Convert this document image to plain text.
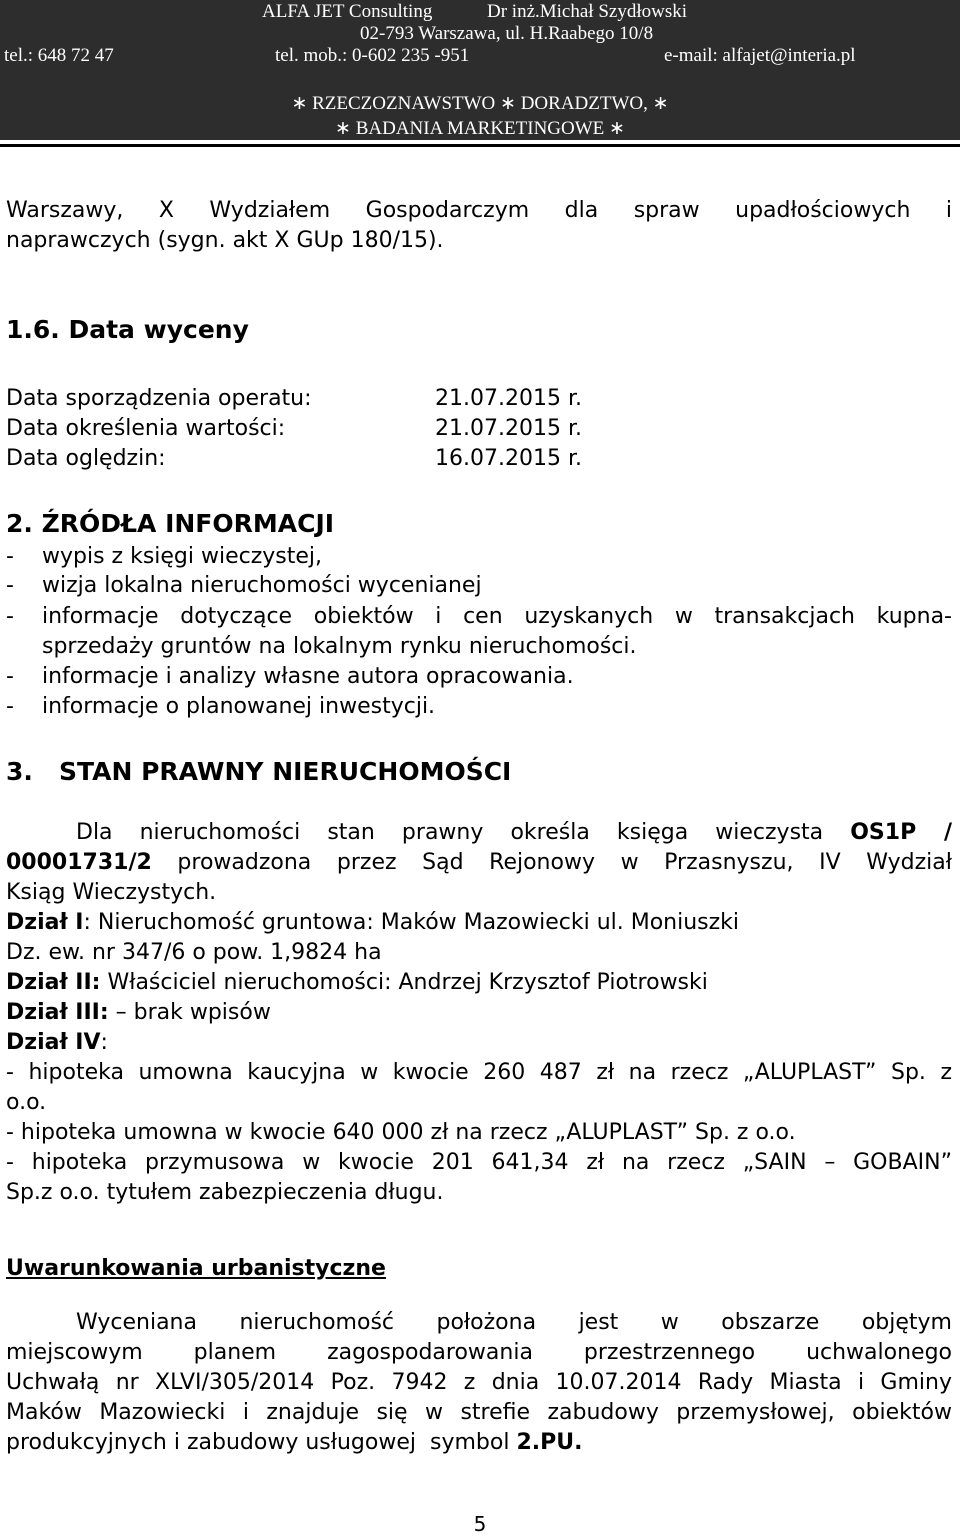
ALFA JET Consulting	Dr inż.Michał Szydłowski
02-793 Warszawa, ul. H.Raabego 10/8
tel.: 648 72 47	tel. mob.: 0-602 235 -951	e-mail: alfajet@interia.pl
∗ RZECZOZNAWSTWO ∗ DORADZTWO, ∗
∗ BADANIA MARKETINGOWE ∗
Warszawy, X Wydziałem Gospodarczym dla spraw upadłościowych i
naprawczych (sygn. akt X GUp 180/15).
1.6. Data wyceny
Data sporządzenia operatu:	21.07.2015 r.
Data określenia wartości:	21.07.2015 r.
Data oględzin:	16.07.2015 r.
2. ŹRÓDŁA INFORMACJI
- wypis z księgi wieczystej,
- wizja lokalna nieruchomości wycenianej
- informacje dotyczące obiektów i cen uzyskanych w transakcjach kupna-
sprzedaży gruntów na lokalnym rynku nieruchomości.
- informacje i analizy własne autora opracowania.
- informacje o planowanej inwestycji.
3.   STAN PRAWNY NIERUCHOMOŚCI
Dla nieruchomości stan prawny określa księga wieczysta OS1P /
00001731/2 prowadzona przez Sąd Rejonowy w Przasnyszu, IV Wydział
Ksiąg Wieczystych.
Dział I: Nieruchomość gruntowa: Maków Mazowiecki ul. Moniuszki
Dz. ew. nr 347/6 o pow. 1,9824 ha
Dział II: Właściciel nieruchomości: Andrzej Krzysztof Piotrowski
Dział III: – brak wpisów
Dział IV:
- hipoteka umowna kaucyjna w kwocie 260 487 zł na rzecz „ALUPLAST” Sp. z
o.o.
- hipoteka umowna w kwocie 640 000 zł na rzecz „ALUPLAST” Sp. z o.o.
- hipoteka przymusowa w kwocie 201 641,34 zł na rzecz „SAIN – GOBAIN”
Sp.z o.o. tytułem zabezpieczenia długu.
Uwarunkowania urbanistyczne
Wyceniana nieruchomość położona jest w obszarze objętym
miejscowym planem zagospodarowania przestrzennego uchwalonego
Uchwałą nr XLVI/305/2014 Poz. 7942 z dnia 10.07.2014 Rady Miasta i Gminy
Maków Mazowiecki i znajduje się w strefie zabudowy przemysłowej, obiektów
produkcyjnych i zabudowy usługowej  symbol 2.PU.
5
